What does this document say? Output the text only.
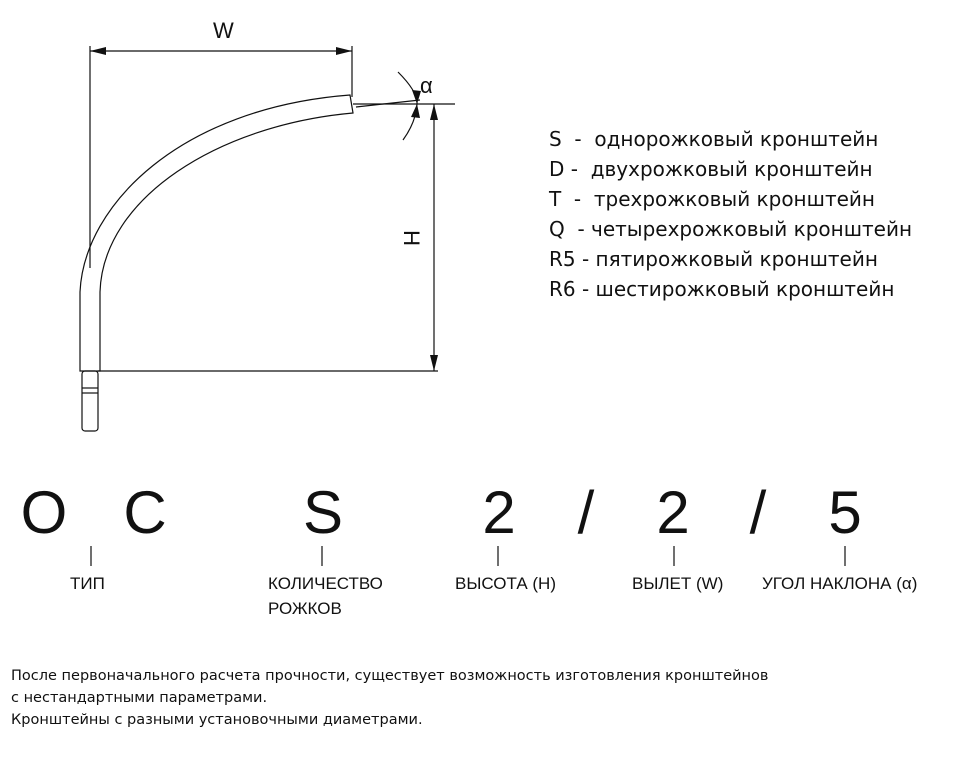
W
H
α
S  -  однорожковый кронштейн
D -  двухрожковый кронштейн
T  -  трехрожковый кронштейн
Q  - четырехрожковый кронштейн
R5 - пятирожковый кронштейн
R6 - шестирожковый кронштейн
O C S 2 / 2 / 5
ТИП	КОЛИЧЕСТВО
РОЖКОВ
ВЫСОТА (H)	ВЫЛЕТ (W) УГОЛ НАКЛОНА (α)

После первоначального расчета прочности, существует возможность изготовления кронштейнов

с нестандартными параметрами.

Кронштейны с разными установочными диаметрами.
